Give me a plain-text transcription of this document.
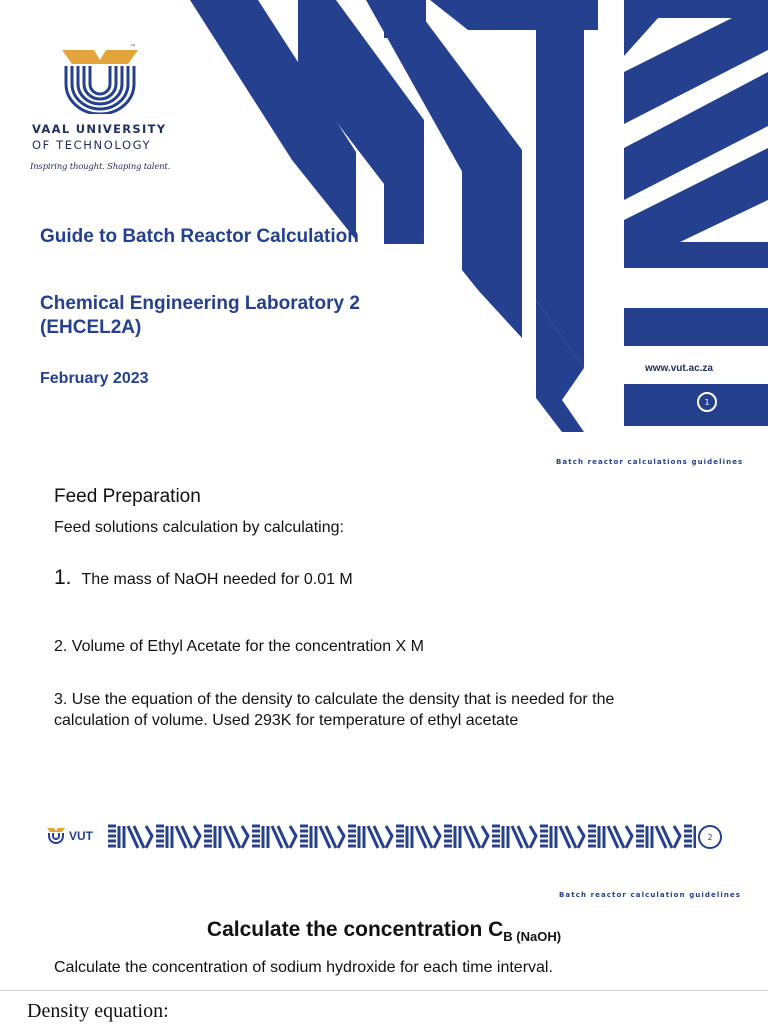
™
VAAL UNIVERSITY
OF TECHNOLOGY
Inspiring thought. Shaping talent.
Guide to Batch Reactor Calculation
Chemical Engineering Laboratory 2
(EHCEL2A)
February 2023
www.vut.ac.za
1
Batch reactor calculations guidelines
Feed Preparation
Feed solutions calculation by calculating:
1. The mass of NaOH needed for 0.01 M
2. Volume of Ethyl Acetate for the concentration X M
3. Use the equation of the density to calculate the density that is needed for the calculation of volume. Used 293K for temperature of ethyl acetate
VUT	2
Batch reactor calculation guidelines
Calculate the concentration $C_{B (NaOH)}$
Calculate the concentration of sodium hydroxide for each time interval.
Density equation:
